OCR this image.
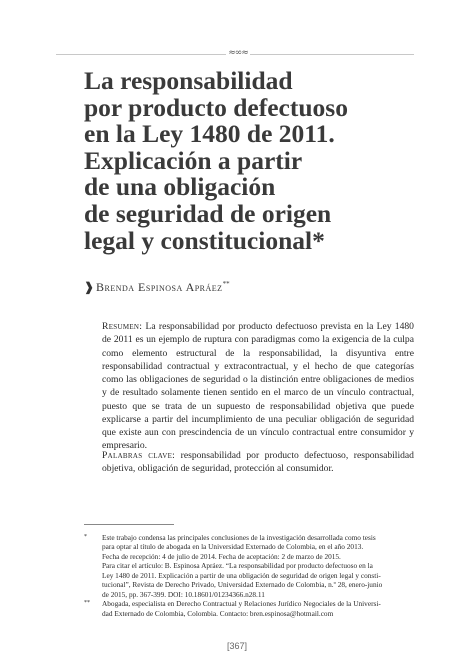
≈∞≈
La responsabilidad
por producto defectuoso
en la Ley 1480 de 2011.
Explicación a partir
de una obligación
de seguridad de origen
legal y constitucional*
❱ Brenda Espinosa Apráez**

Resumen: La responsabilidad por producto defectuoso prevista en la Ley 1480 de 2011 es un ejemplo de ruptura con paradigmas como la exigencia de la culpa como elemento estructural de la responsabilidad, la disyuntiva entre responsabilidad contractual y extracontractual, y el hecho de que categorías como las obligaciones de seguridad o la distinción entre obligaciones de medios y de resultado solamente tienen sentido en el marco de un vínculo contractual, puesto que se trata de un supuesto de responsabilidad objetiva que puede explicarse a partir del incumplimiento de una peculiar obligación de seguridad que existe aun con prescindencia de un vínculo contractual entre consumidor y empresario.

Palabras clave: responsabilidad por producto defectuoso, responsabilidad objetiva, obligación de seguridad, protección al consumidor.

* Este trabajo condensa las principales conclusiones de la investigación desarrollada como tesis
para optar al título de abogada en la Universidad Externado de Colombia, en el año 2013.
Fecha de recepción: 4 de julio de 2014. Fecha de aceptación: 2 de marzo de 2015.
Para citar el artículo: B. Espinosa Apráez. “La responsabilidad por producto defectuoso en la
Ley 1480 de 2011. Explicación a partir de una obligación de seguridad de origen legal y consti-
tucional”, Revista de Derecho Privado, Universidad Externado de Colombia, n.º 28, enero-junio
de 2015, pp. 367-399. DOI: 10.18601/01234366.n28.11
** Abogada, especialista en Derecho Contractual y Relaciones Jurídico Negociales de la Universi-
dad Externado de Colombia, Colombia. Contacto: bren.espinosa@hotmail.com
[367]
